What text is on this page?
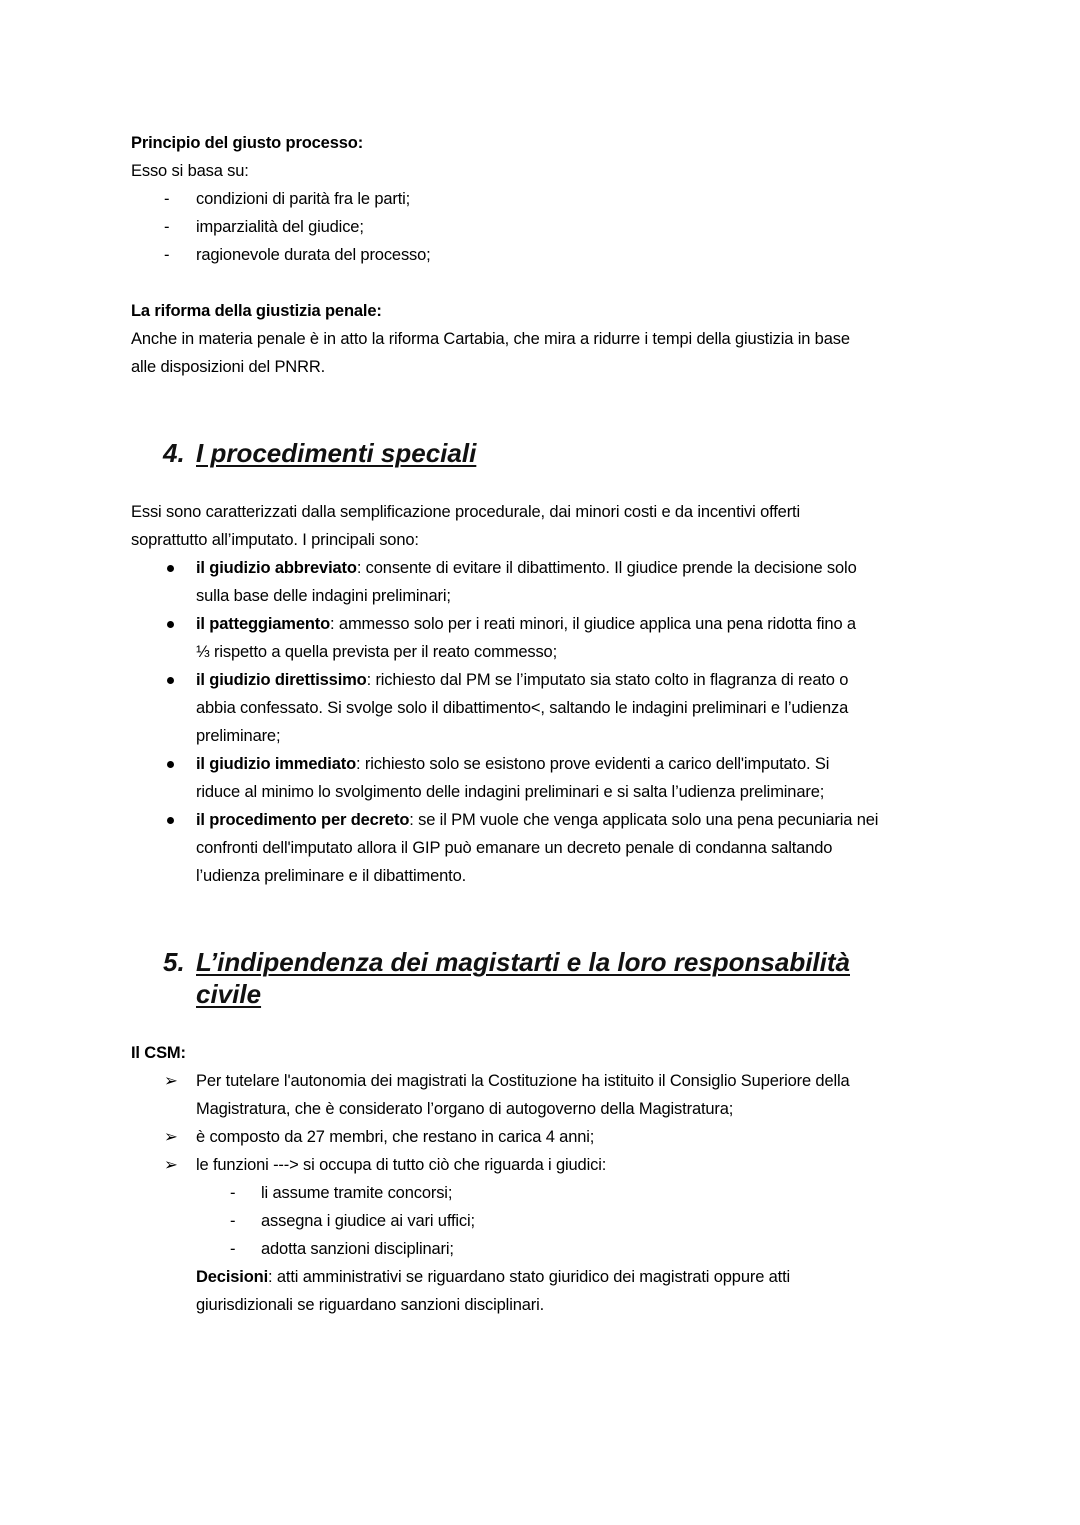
Principio del giusto processo:
Esso si basa su:
- condizioni di parità fra le parti;
- imparzialità del giudice;
- ragionevole durata del processo;
La riforma della giustizia penale:
Anche in materia penale è in atto la riforma Cartabia, che mira a ridurre i tempi della giustizia in base
alle disposizioni del PNRR.
4. I procedimenti speciali
Essi sono caratterizzati dalla semplificazione procedurale, dai minori costi e da incentivi offerti
soprattutto all’imputato. I principali sono:
il giudizio abbreviato: consente di evitare il dibattimento. Il giudice prende la decisione solo
sulla base delle indagini preliminari;
il patteggiamento: ammesso solo per i reati minori, il giudice applica una pena ridotta fino a
⅓ rispetto a quella prevista per il reato commesso;
il giudizio direttissimo: richiesto dal PM se l’imputato sia stato colto in flagranza di reato o
abbia confessato. Si svolge solo il dibattimento<, saltando le indagini preliminari e l’udienza
preliminare;
il giudizio immediato: richiesto solo se esistono prove evidenti a carico dell'imputato. Si
riduce al minimo lo svolgimento delle indagini preliminari e si salta l’udienza preliminare;
il procedimento per decreto: se il PM vuole che venga applicata solo una pena pecuniaria nei
confronti dell'imputato allora il GIP può emanare un decreto penale di condanna saltando
l’udienza preliminare e il dibattimento.
5. L’indipendenza dei magistarti e la loro responsabilità
civile
Il CSM:
➢ Per tutelare l'autonomia dei magistrati la Costituzione ha istituito il Consiglio Superiore della
Magistratura, che è considerato l’organo di autogoverno della Magistratura;
➢ è composto da 27 membri, che restano in carica 4 anni;
➢ le funzioni ---> si occupa di tutto ciò che riguarda i giudici:
- li assume tramite concorsi;
- assegna i giudice ai vari uffici;
- adotta sanzioni disciplinari;
Decisioni: atti amministrativi se riguardano stato giuridico dei magistrati oppure atti
giurisdizionali se riguardano sanzioni disciplinari.
